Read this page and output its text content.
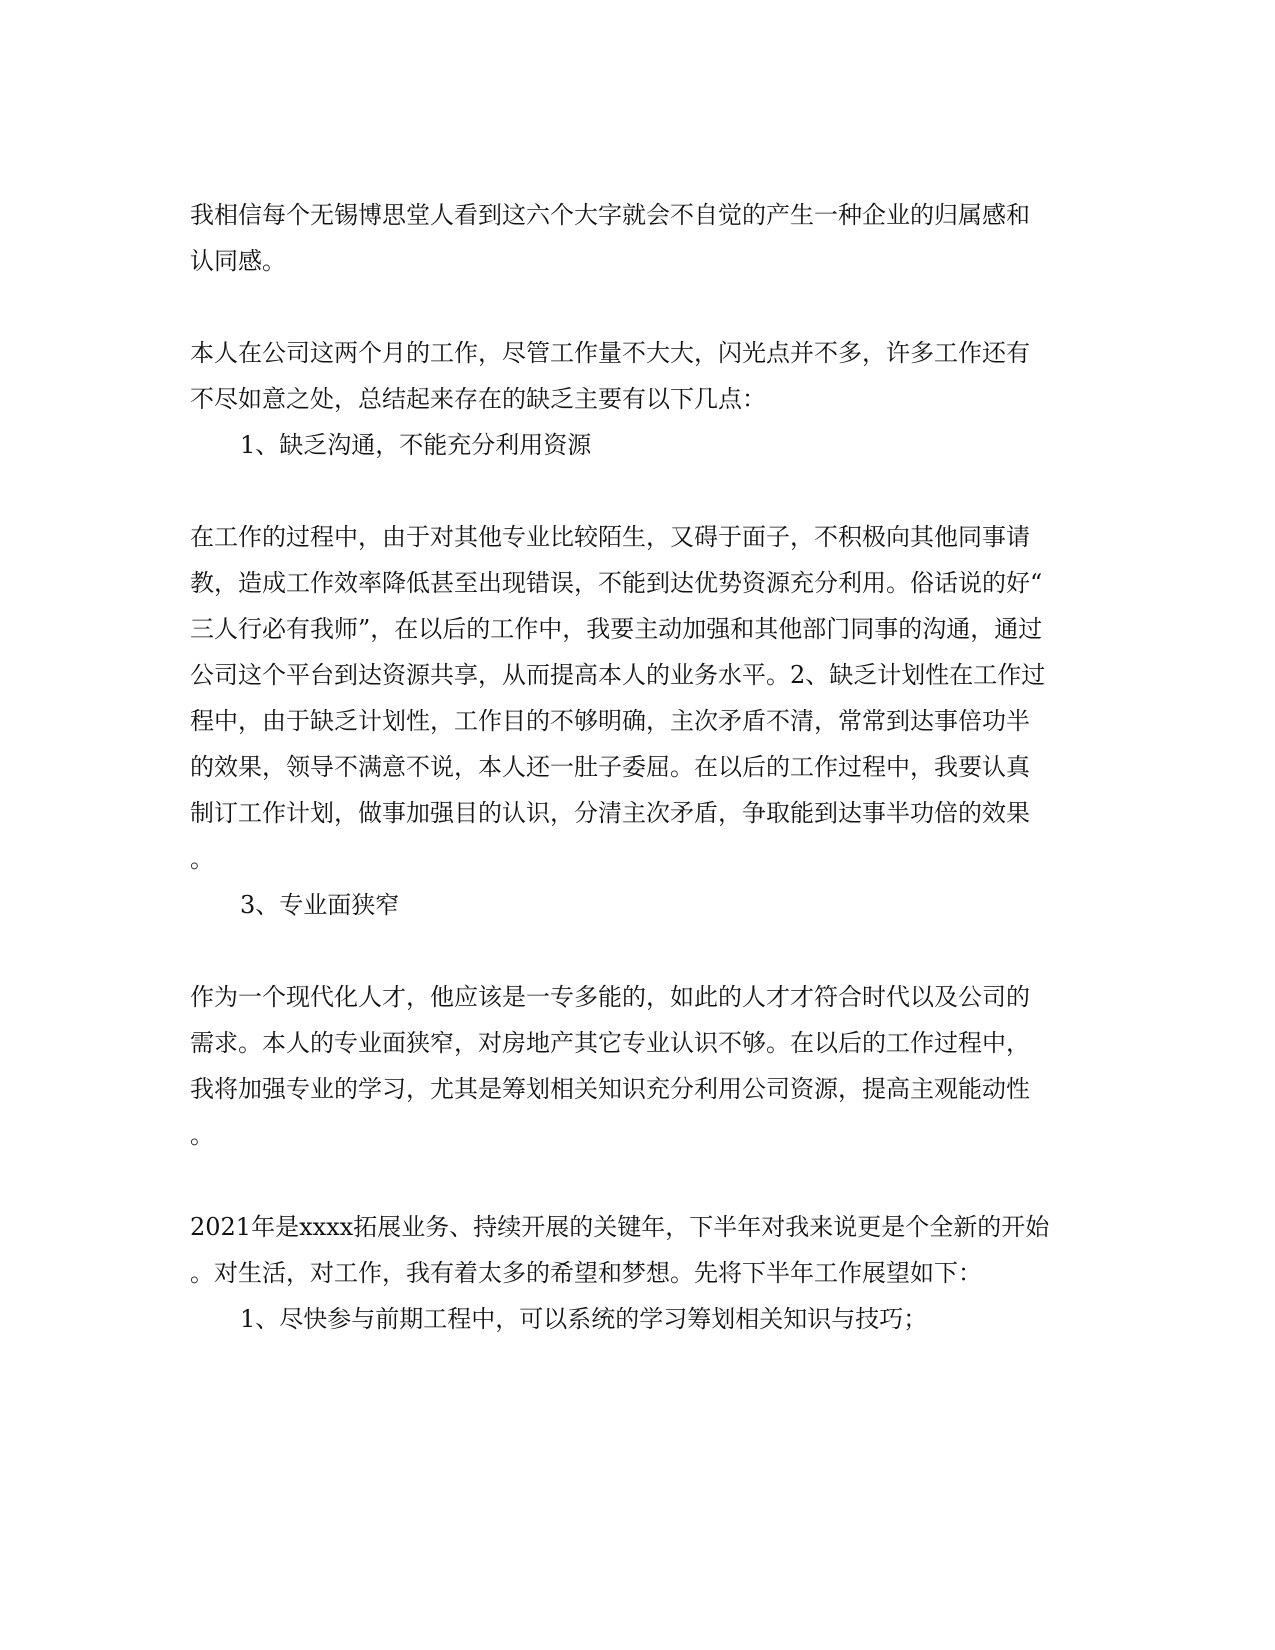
我相信每个无锡博思堂人看到这六个大字就会不自觉的产生一种企业的归属感和
认同感。
本人在公司这两个月的工作，尽管工作量不大大，闪光点并不多，许多工作还有
不尽如意之处，总结起来存在的缺乏主要有以下几点：
1、缺乏沟通，不能充分利用资源
在工作的过程中，由于对其他专业比较陌生，又碍于面子，不积极向其他同事请
教，造成工作效率降低甚至出现错误，不能到达优势资源充分利用。俗话说的好“
三人行必有我师”，在以后的工作中，我要主动加强和其他部门同事的沟通，通过
公司这个平台到达资源共享，从而提高本人的业务水平。2、缺乏计划性在工作过
程中，由于缺乏计划性，工作目的不够明确，主次矛盾不清，常常到达事倍功半
的效果，领导不满意不说，本人还一肚子委屈。在以后的工作过程中，我要认真
制订工作计划，做事加强目的认识，分清主次矛盾，争取能到达事半功倍的效果
。
3、专业面狭窄
作为一个现代化人才，他应该是一专多能的，如此的人才才符合时代以及公司的
需求。本人的专业面狭窄，对房地产其它专业认识不够。在以后的工作过程中，
我将加强专业的学习，尤其是筹划相关知识充分利用公司资源，提高主观能动性
。
2021年是xxxx拓展业务、持续开展的关键年，下半年对我来说更是个全新的开始
。对生活，对工作，我有着太多的希望和梦想。先将下半年工作展望如下：
1、尽快参与前期工程中，可以系统的学习筹划相关知识与技巧；
